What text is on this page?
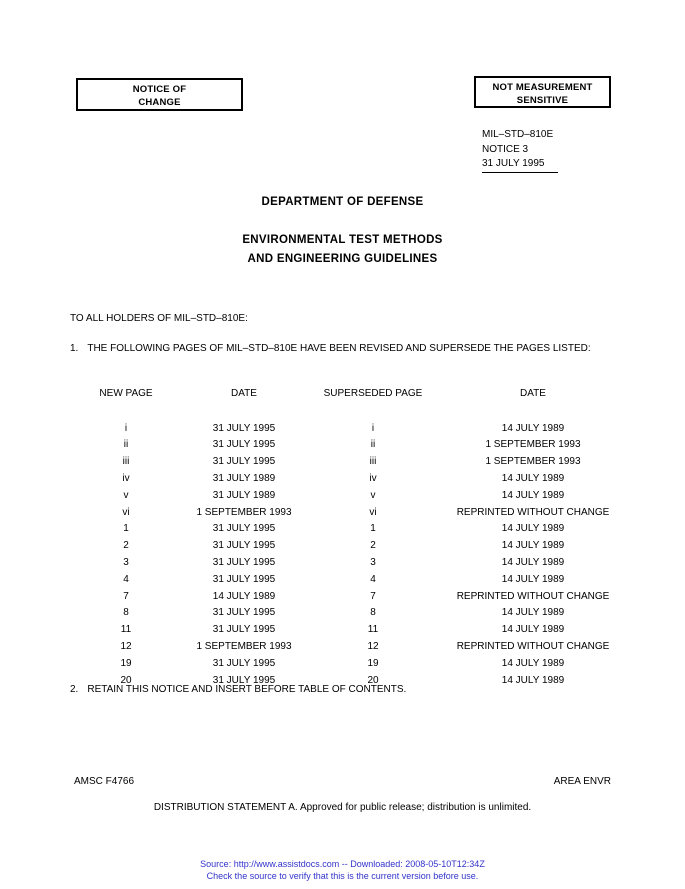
NOTICE OF
CHANGE
NOT MEASUREMENT
SENSITIVE
MIL–STD–810E
NOTICE 3
31 JULY 1995
DEPARTMENT OF DEFENSE
ENVIRONMENTAL TEST METHODS
AND ENGINEERING GUIDELINES
TO ALL HOLDERS OF MIL–STD–810E:
1. THE FOLLOWING PAGES OF MIL–STD–810E HAVE BEEN REVISED AND SUPERSEDE THE PAGES LISTED:
NEW PAGE	DATE	SUPERSEDED PAGE	DATE
i	31 JULY 1995	i	14 JULY 1989
ii	31 JULY 1995	ii	1 SEPTEMBER 1993
iii	31 JULY 1995	iii	1 SEPTEMBER 1993
iv	31 JULY 1989	iv	14 JULY 1989
v	31 JULY 1989	v	14 JULY 1989
vi	1 SEPTEMBER 1993	vi	REPRINTED WITHOUT CHANGE
1	31 JULY 1995	1	14 JULY 1989
2	31 JULY 1995	2	14 JULY 1989
3	31 JULY 1995	3	14 JULY 1989
4	31 JULY 1995	4	14 JULY 1989
7	14 JULY 1989	7	REPRINTED WITHOUT CHANGE
8	31 JULY 1995	8	14 JULY 1989
11	31 JULY 1995	11	14 JULY 1989
12	1 SEPTEMBER 1993	12	REPRINTED WITHOUT CHANGE
19	31 JULY 1995	19	14 JULY 1989
20	31 JULY 1995	20	14 JULY 1989
2. RETAIN THIS NOTICE AND INSERT BEFORE TABLE OF CONTENTS.
AMSC F4766	AREA ENVR
DISTRIBUTION STATEMENT A. Approved for public release; distribution is unlimited.
Source: http://www.assistdocs.com -- Downloaded: 2008-05-10T12:34Z
Check the source to verify that this is the current version before use.
